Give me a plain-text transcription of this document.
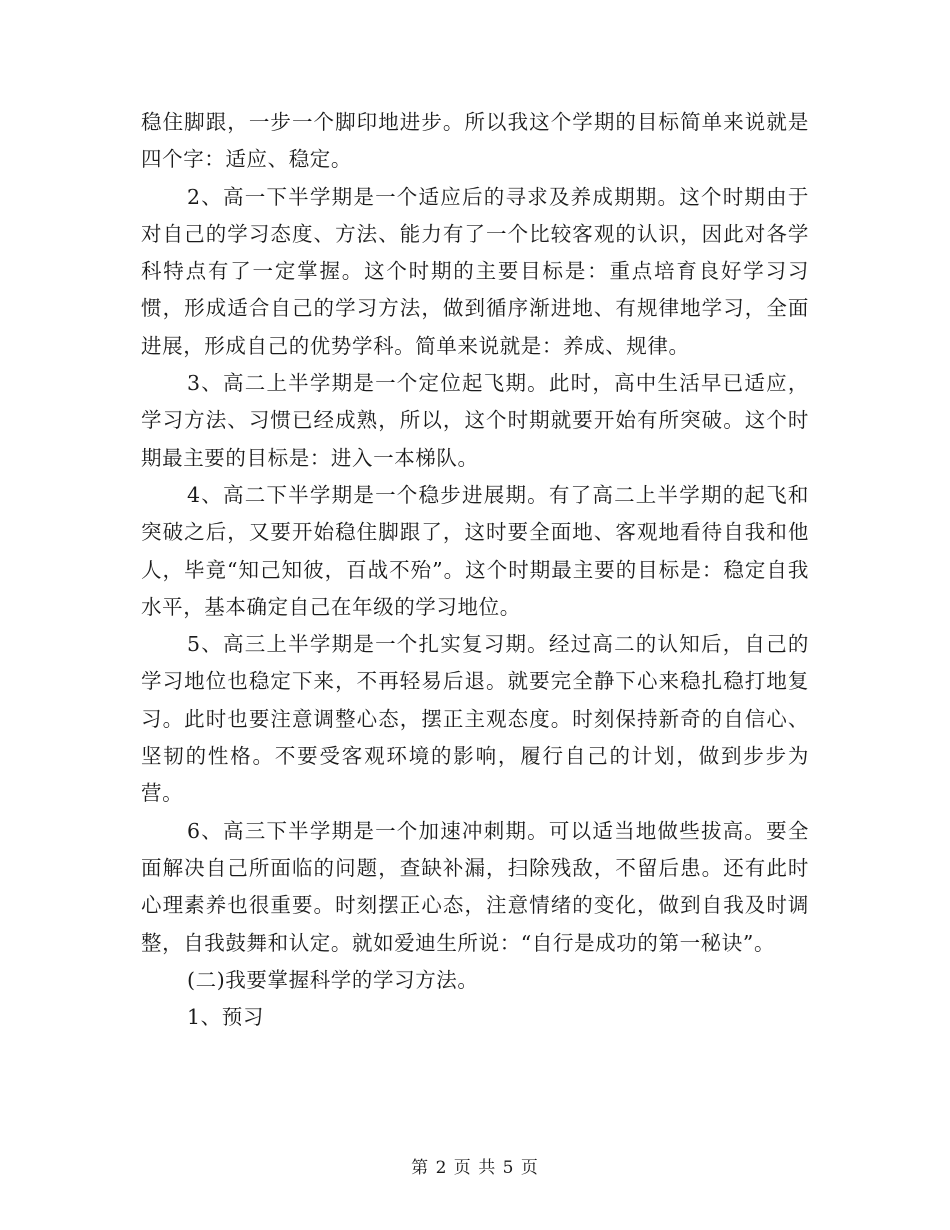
稳住脚跟，一步一个脚印地进步。所以我这个学期的目标简单来说就是四个字：适应、稳定。

2、高一下半学期是一个适应后的寻求及养成期期。这个时期由于对自己的学习态度、方法、能力有了一个比较客观的认识，因此对各学科特点有了一定掌握。这个时期的主要目标是：重点培育良好学习习惯，形成适合自己的学习方法，做到循序渐进地、有规律地学习，全面进展，形成自己的优势学科。简单来说就是：养成、规律。

3、高二上半学期是一个定位起飞期。此时，高中生活早已适应，学习方法、习惯已经成熟，所以，这个时期就要开始有所突破。这个时期最主要的目标是：进入一本梯队。

4、高二下半学期是一个稳步进展期。有了高二上半学期的起飞和突破之后，又要开始稳住脚跟了，这时要全面地、客观地看待自我和他人，毕竟“知己知彼，百战不殆”。这个时期最主要的目标是：稳定自我水平，基本确定自己在年级的学习地位。

5、高三上半学期是一个扎实复习期。经过高二的认知后，自己的学习地位也稳定下来，不再轻易后退。就要完全静下心来稳扎稳打地复习。此时也要注意调整心态，摆正主观态度。时刻保持新奇的自信心、坚韧的性格。不要受客观环境的影响，履行自己的计划，做到步步为营。

6、高三下半学期是一个加速冲刺期。可以适当地做些拔高。要全面解决自己所面临的问题，查缺补漏，扫除残敌，不留后患。还有此时心理素养也很重要。时刻摆正心态，注意情绪的变化，做到自我及时调整，自我鼓舞和认定。就如爱迪生所说：“自行是成功的第一秘诀”。

(二)我要掌握科学的学习方法。

1、预习

第 2 页 共 5 页
